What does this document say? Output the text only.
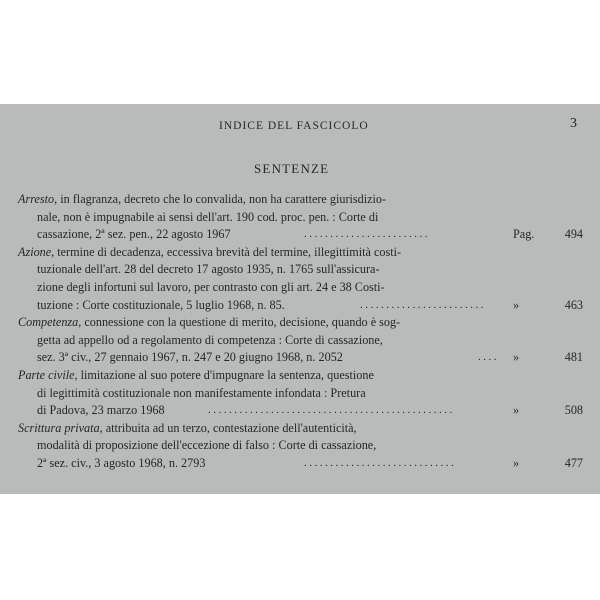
INDICE DEL FASCICOLO	3
SENTENZE
Arresto, in flagranza, decreto che lo convalida, non ha carattere giurisdizio-
nale, non è impugnabile ai sensi dell'art. 190 cod. proc. pen. : Corte di
cassazione, 2ª sez. pen., 22 agosto 1967	........................	Pag. 494
Azione, termine di decadenza, eccessiva brevità del termine, illegittimità costi-
tuzionale dell'art. 28 del decreto 17 agosto 1935, n. 1765 sull'assicura-
zione degli infortuni sul lavoro, per contrasto con gli art. 24 e 38 Costi-
tuzione : Corte costituzionale, 5 luglio 1968, n. 85.	........................	»	463
Competenza, connessione con la questione di merito, decisione, quando è sog-
getta ad appello od a regolamento di competenza : Corte di cassazione,
sez. 3ª civ., 27 gennaio 1967, n. 247 e 20 giugno 1968, n. 2052	....	»	481
Parte civile, limitazione al suo potere d'impugnare la sentenza, questione
di legittimità costituzionale non manifestamente infondata : Pretura
di Padova, 23 marzo 1968	...............................................	»	508
Scrittura privata, attribuita ad un terzo, contestazione dell'autenticità,
modalità di proposizione dell'eccezione di falso : Corte di cassazione,
2ª sez. civ., 3 agosto 1968, n. 2793	.............................	»	477
